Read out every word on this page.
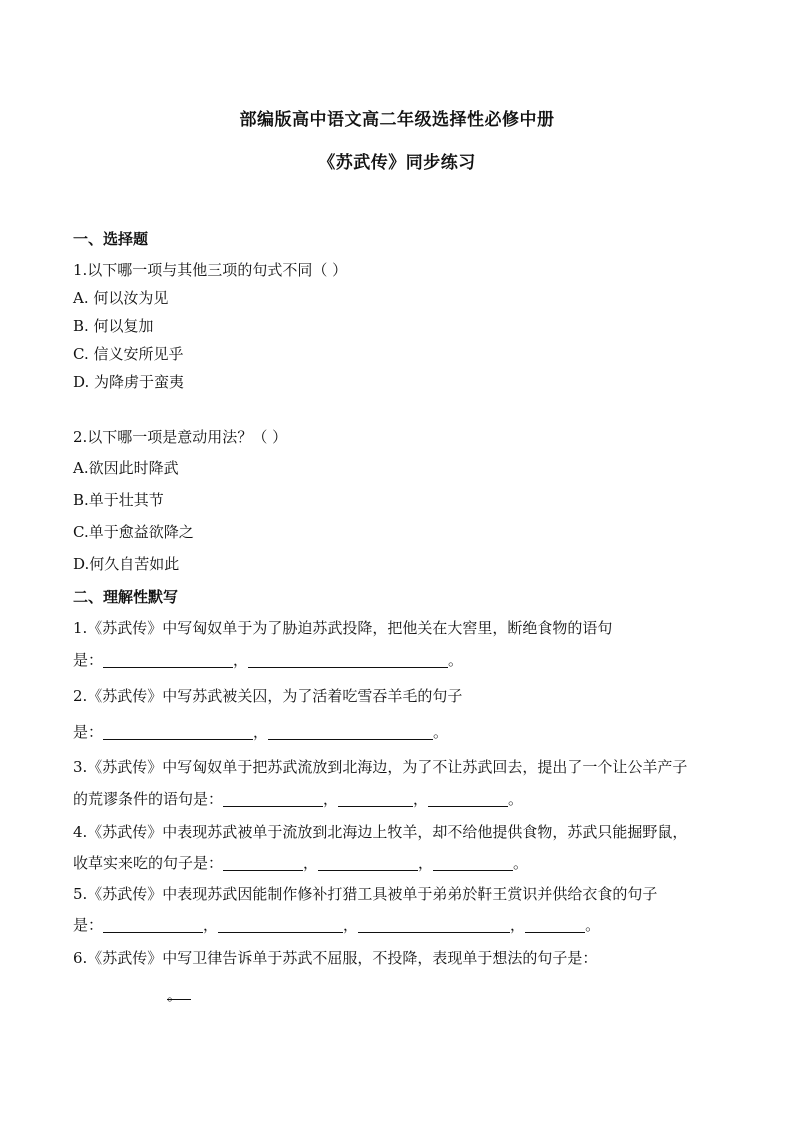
部编版高中语文高二年级选择性必修中册
《苏武传》同步练习
一、选择题
1.以下哪一项与其他三项的句式不同（ ）
A. 何以汝为见
B. 何以复加
C. 信义安所见乎
D. 为降虏于蛮夷
2.以下哪一项是意动用法？（ ）
A.欲因此时降武
B.单于壮其节
C.单于愈益欲降之
D.何久自苦如此
二、理解性默写
1.《苏武传》中写匈奴单于为了胁迫苏武投降，把他关在大窖里，断绝食物的语句
是：	，	。
2.《苏武传》中写苏武被关囚，为了活着吃雪吞羊毛的句子
是：	，	。
3.《苏武传》中写匈奴单于把苏武流放到北海边，为了不让苏武回去，提出了一个让公羊产子
的荒谬条件的语句是：	，	，	。
4.《苏武传》中表现苏武被单于流放到北海边上牧羊，却不给他提供食物，苏武只能掘野鼠，
收草实来吃的句子是：	，	，	。
5.《苏武传》中表现苏武因能制作修补打猎工具被单于弟弟於靬王赏识并供给衣食的句子
是：	，	，	，	。
6.《苏武传》中写卫律告诉单于苏武不屈服，不投降，表现单于想法的句子是：
。
